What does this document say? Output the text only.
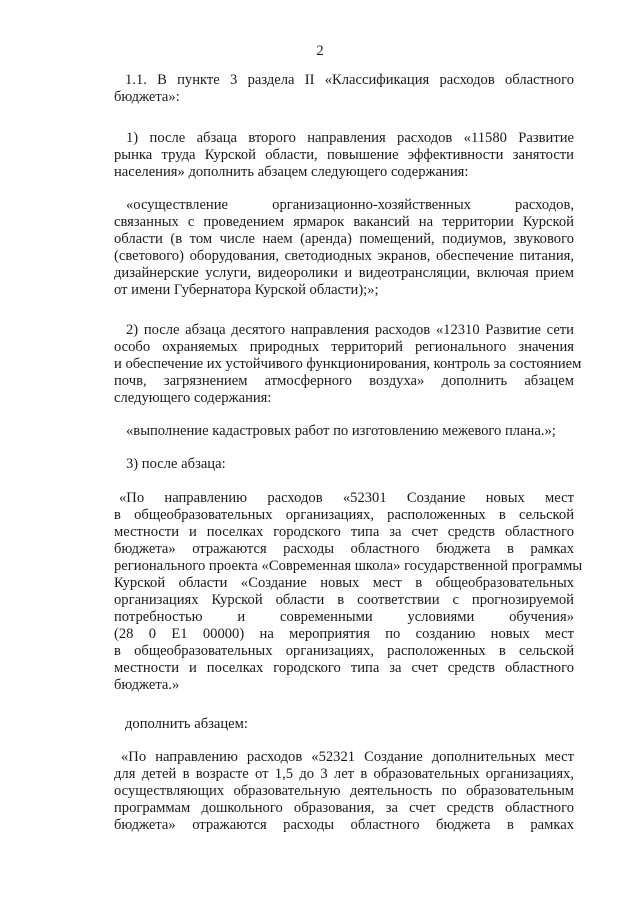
2
1.1. В пункте 3 раздела II «Классификация расходов областного
бюджета»:
1) после абзаца второго направления расходов «11580 Развитие
рынка труда Курской области, повышение эффективности занятости
населения» дополнить абзацем следующего содержания:
«осуществление организационно-хозяйственных расходов,
связанных с проведением ярмарок вакансий на территории Курской
области (в том числе наем (аренда) помещений, подиумов, звукового
(светового) оборудования, светодиодных экранов, обеспечение питания,
дизайнерские услуги, видеоролики и видеотрансляции, включая прием
от имени Губернатора Курской области);»;
2) после абзаца десятого направления расходов «12310 Развитие сети
особо охраняемых природных территорий регионального значения
и обеспечение их устойчивого функционирования, контроль за состоянием
почв, загрязнением атмосферного воздуха» дополнить абзацем
следующего содержания:
«выполнение кадастровых работ по изготовлению межевого плана.»;
3) после абзаца:
«По направлению расходов «52301 Создание новых мест
в общеобразовательных организациях, расположенных в сельской
местности и поселках городского типа за счет средств областного
бюджета» отражаются расходы областного бюджета в рамках
регионального проекта «Современная школа» государственной программы
Курской области «Создание новых мест в общеобразовательных
организациях Курской области в соответствии с прогнозируемой
потребностью и современными условиями обучения»
(28 0 E1 00000) на мероприятия по созданию новых мест
в общеобразовательных организациях, расположенных в сельской
местности и поселках городского типа за счет средств областного
бюджета.»
дополнить абзацем:
«По направлению расходов «52321 Создание дополнительных мест
для детей в возрасте от 1,5 до 3 лет в образовательных организациях,
осуществляющих образовательную деятельность по образовательным
программам дошкольного образования, за счет средств областного
бюджета» отражаются расходы областного бюджета в рамках
